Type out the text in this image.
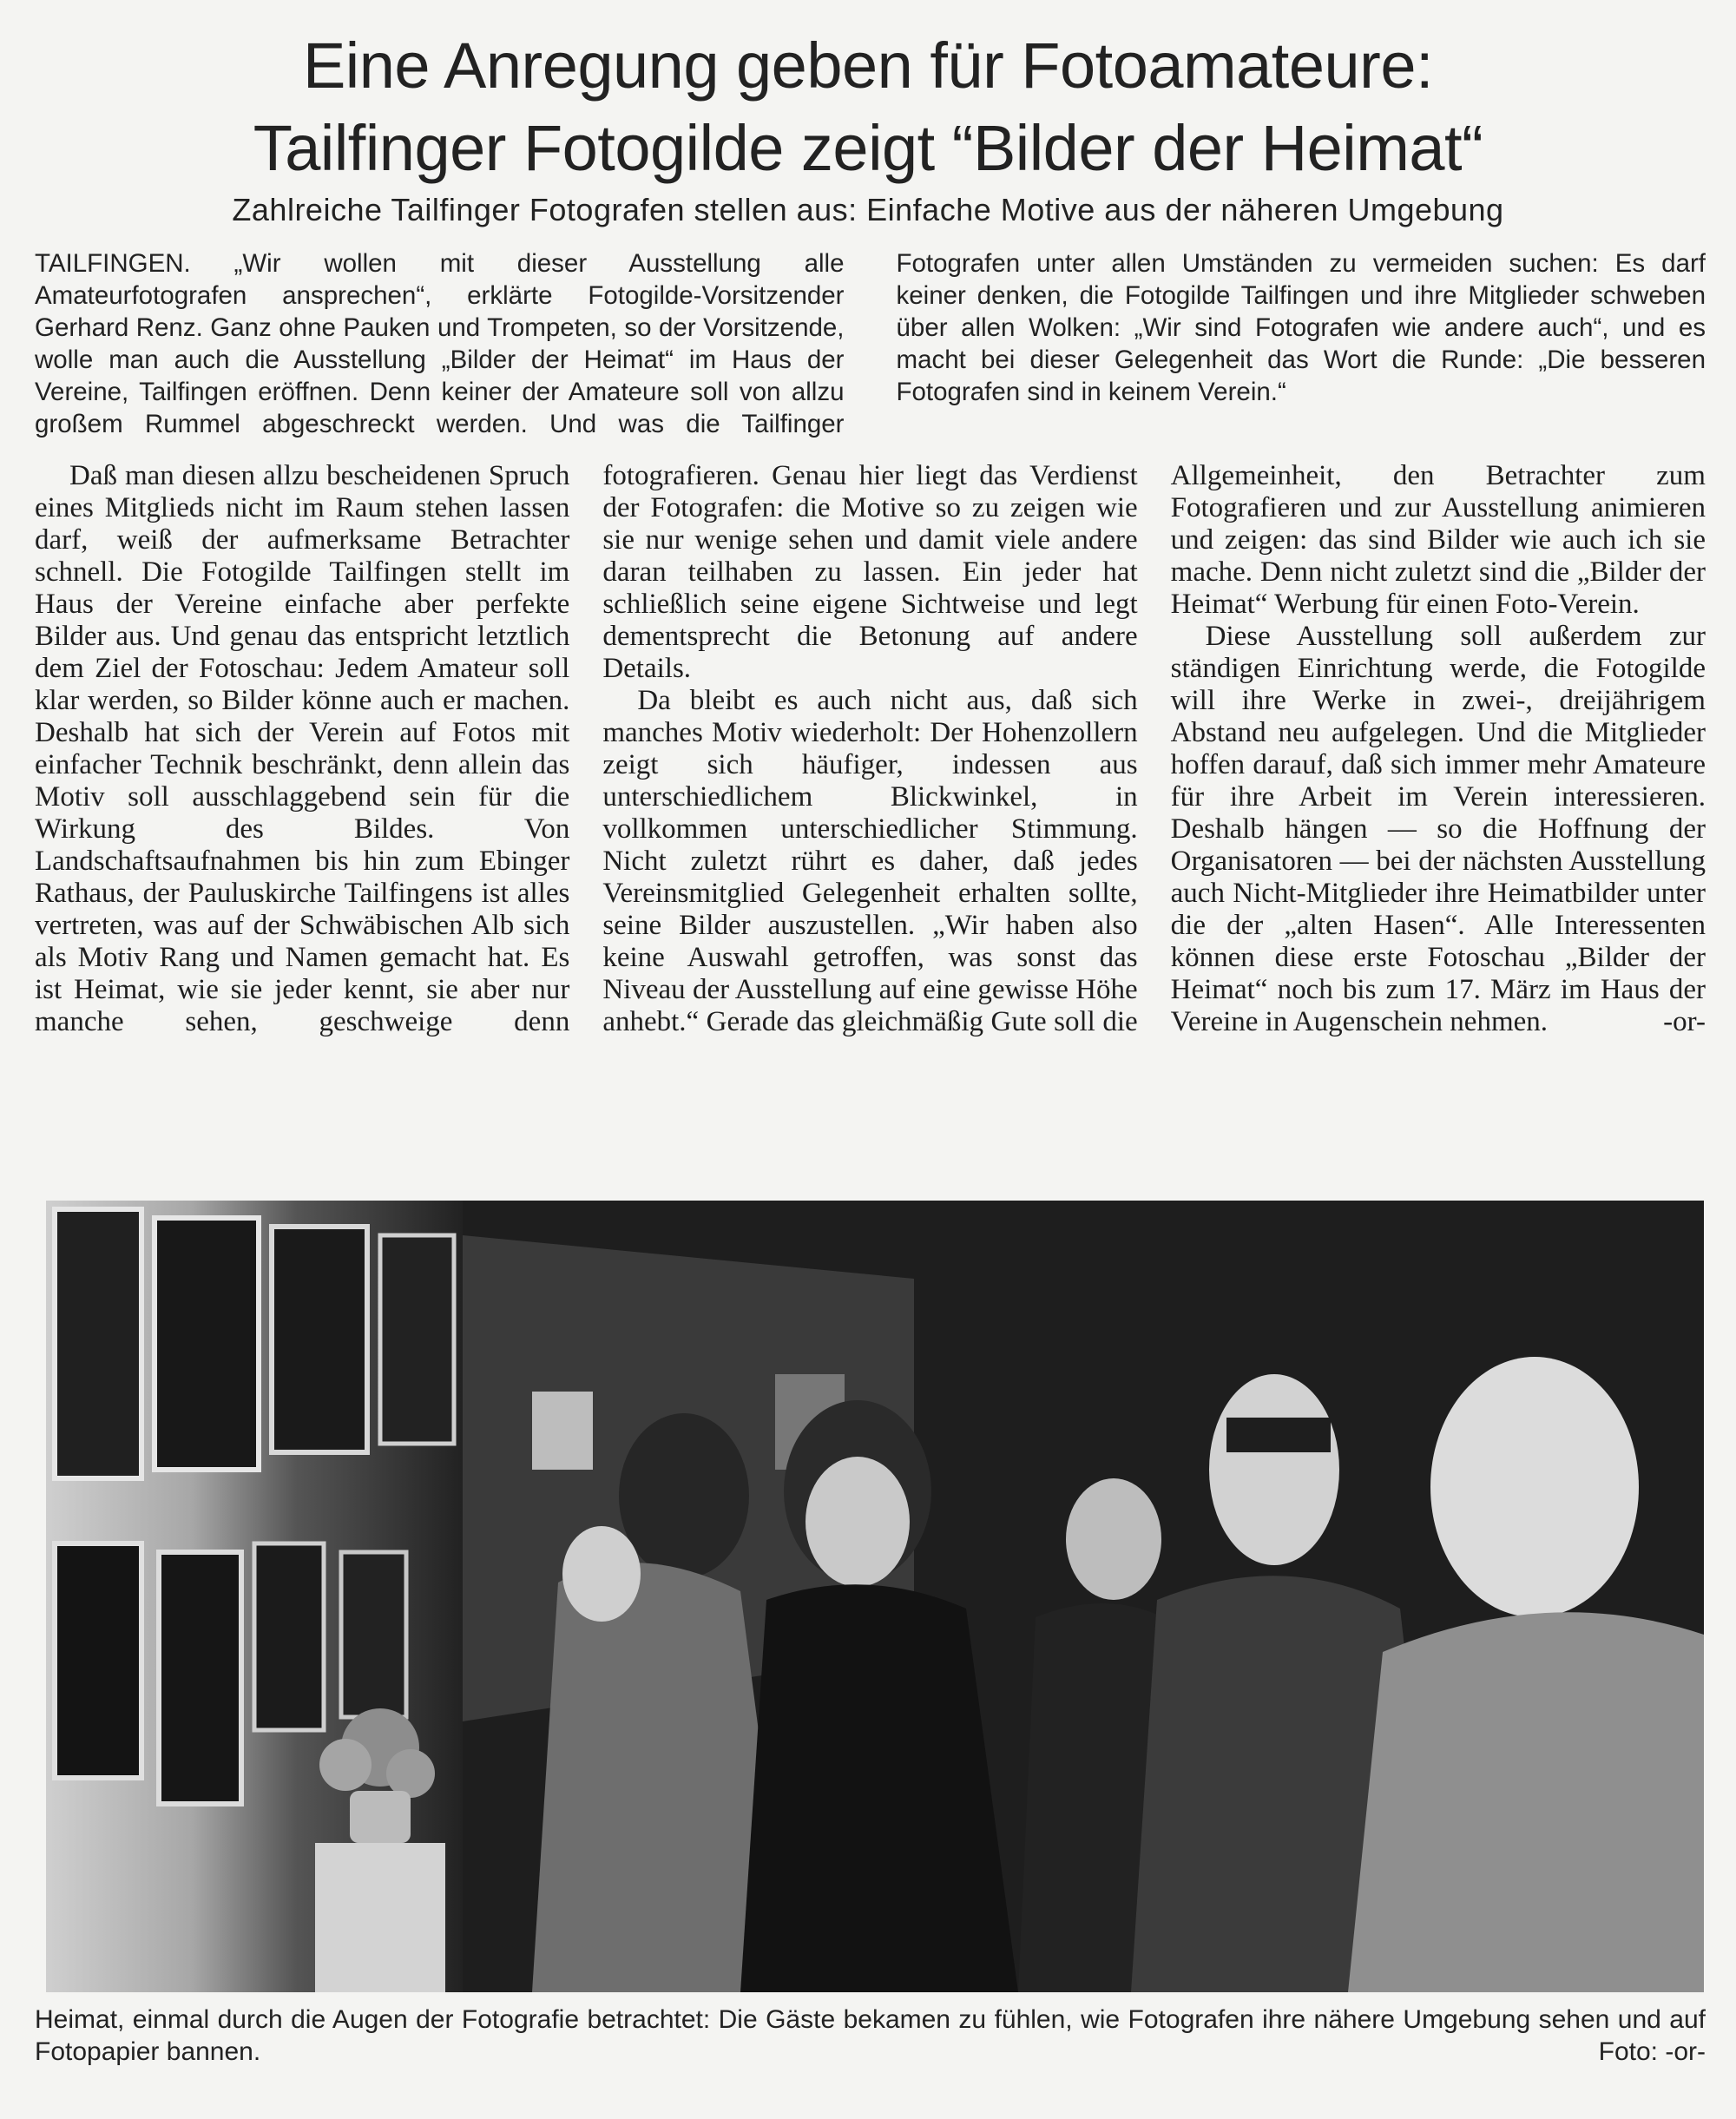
Eine Anregung geben für Fotoamateure:
Tailfinger Fotogilde zeigt “Bilder der Heimat“
Zahlreiche Tailfinger Fotografen stellen aus: Einfache Motive aus der näheren Umgebung

TAILFINGEN. „Wir wollen mit dieser Ausstellung alle Amateurfotografen ansprechen“, erklärte Fotogilde-Vorsitzender Gerhard Renz. Ganz ohne Pauken und Trompeten, so der Vorsitzende, wolle man auch die Ausstellung „Bilder der Heimat“ im Haus der Vereine, Tailfingen eröffnen. Denn keiner der Amateure soll von allzu großem Rummel abgeschreckt werden. Und was die Tailfinger Fotografen unter allen Umständen zu vermeiden suchen: Es darf keiner denken, die Fotogilde Tailfingen und ihre Mitglieder schweben über allen Wolken: „Wir sind Fotografen wie andere auch“, und es macht bei dieser Gelegenheit das Wort die Runde: „Die besseren Fotografen sind in keinem Verein.“

Daß man diesen allzu bescheidenen Spruch eines Mitglieds nicht im Raum stehen lassen darf, weiß der aufmerksame Betrachter schnell. Die Fotogilde Tailfingen stellt im Haus der Vereine einfache aber perfekte Bilder aus. Und genau das entspricht letztlich dem Ziel der Fotoschau: Jedem Amateur soll klar werden, so Bilder könne auch er machen. Deshalb hat sich der Verein auf Fotos mit einfacher Technik beschränkt, denn allein das Motiv soll ausschlaggebend sein für die Wirkung des Bildes. Von Landschaftsaufnahmen bis hin zum Ebinger Rathaus, der Pauluskirche Tailfingens ist alles vertreten, was auf der Schwäbischen Alb sich als Motiv Rang und Namen gemacht hat. Es ist Heimat, wie sie jeder kennt, sie aber nur manche sehen, geschweige denn fotografieren. Genau hier liegt das Verdienst der Fotografen: die Motive so zu zeigen wie sie nur wenige sehen und damit viele andere daran teilhaben zu lassen. Ein jeder hat schließlich seine eigene Sichtweise und legt dementsprecht die Betonung auf andere Details.

Da bleibt es auch nicht aus, daß sich manches Motiv wiederholt: Der Hohenzollern zeigt sich häufiger, indessen aus unterschiedlichem Blickwinkel, in vollkommen unterschiedlicher Stimmung. Nicht zuletzt rührt es daher, daß jedes Vereinsmitglied Gelegenheit erhalten sollte, seine Bilder auszustellen. „Wir haben also keine Auswahl getroffen, was sonst das Niveau der Ausstellung auf eine gewisse Höhe anhebt.“ Gerade das gleichmäßig Gute soll die Allgemeinheit, den Betrachter zum Fotografieren und zur Ausstellung animieren und zeigen: das sind Bilder wie auch ich sie mache. Denn nicht zuletzt sind die „Bilder der Heimat“ Werbung für einen Foto-Verein.

Diese Ausstellung soll außerdem zur ständigen Einrichtung werde, die Fotogilde will ihre Werke in zwei-, dreijährigem Abstand neu aufgelegen. Und die Mitglieder hoffen darauf, daß sich immer mehr Amateure für ihre Arbeit im Verein interessieren. Deshalb hängen — so die Hoffnung der Organisatoren — bei der nächsten Ausstellung auch Nicht-Mitglieder ihre Heimatbilder unter die der „alten Hasen“. Alle Interessenten können diese erste Fotoschau „Bilder der Heimat“ noch bis zum 17. März im Haus der Vereine in Augenschein nehmen.	-or-

Heimat, einmal durch die Augen der Fotografie betrachtet: Die Gäste bekamen zu fühlen, wie Fotografen ihre nähere Umgebung sehen und auf Fotopapier bannen.	Foto: -or-
